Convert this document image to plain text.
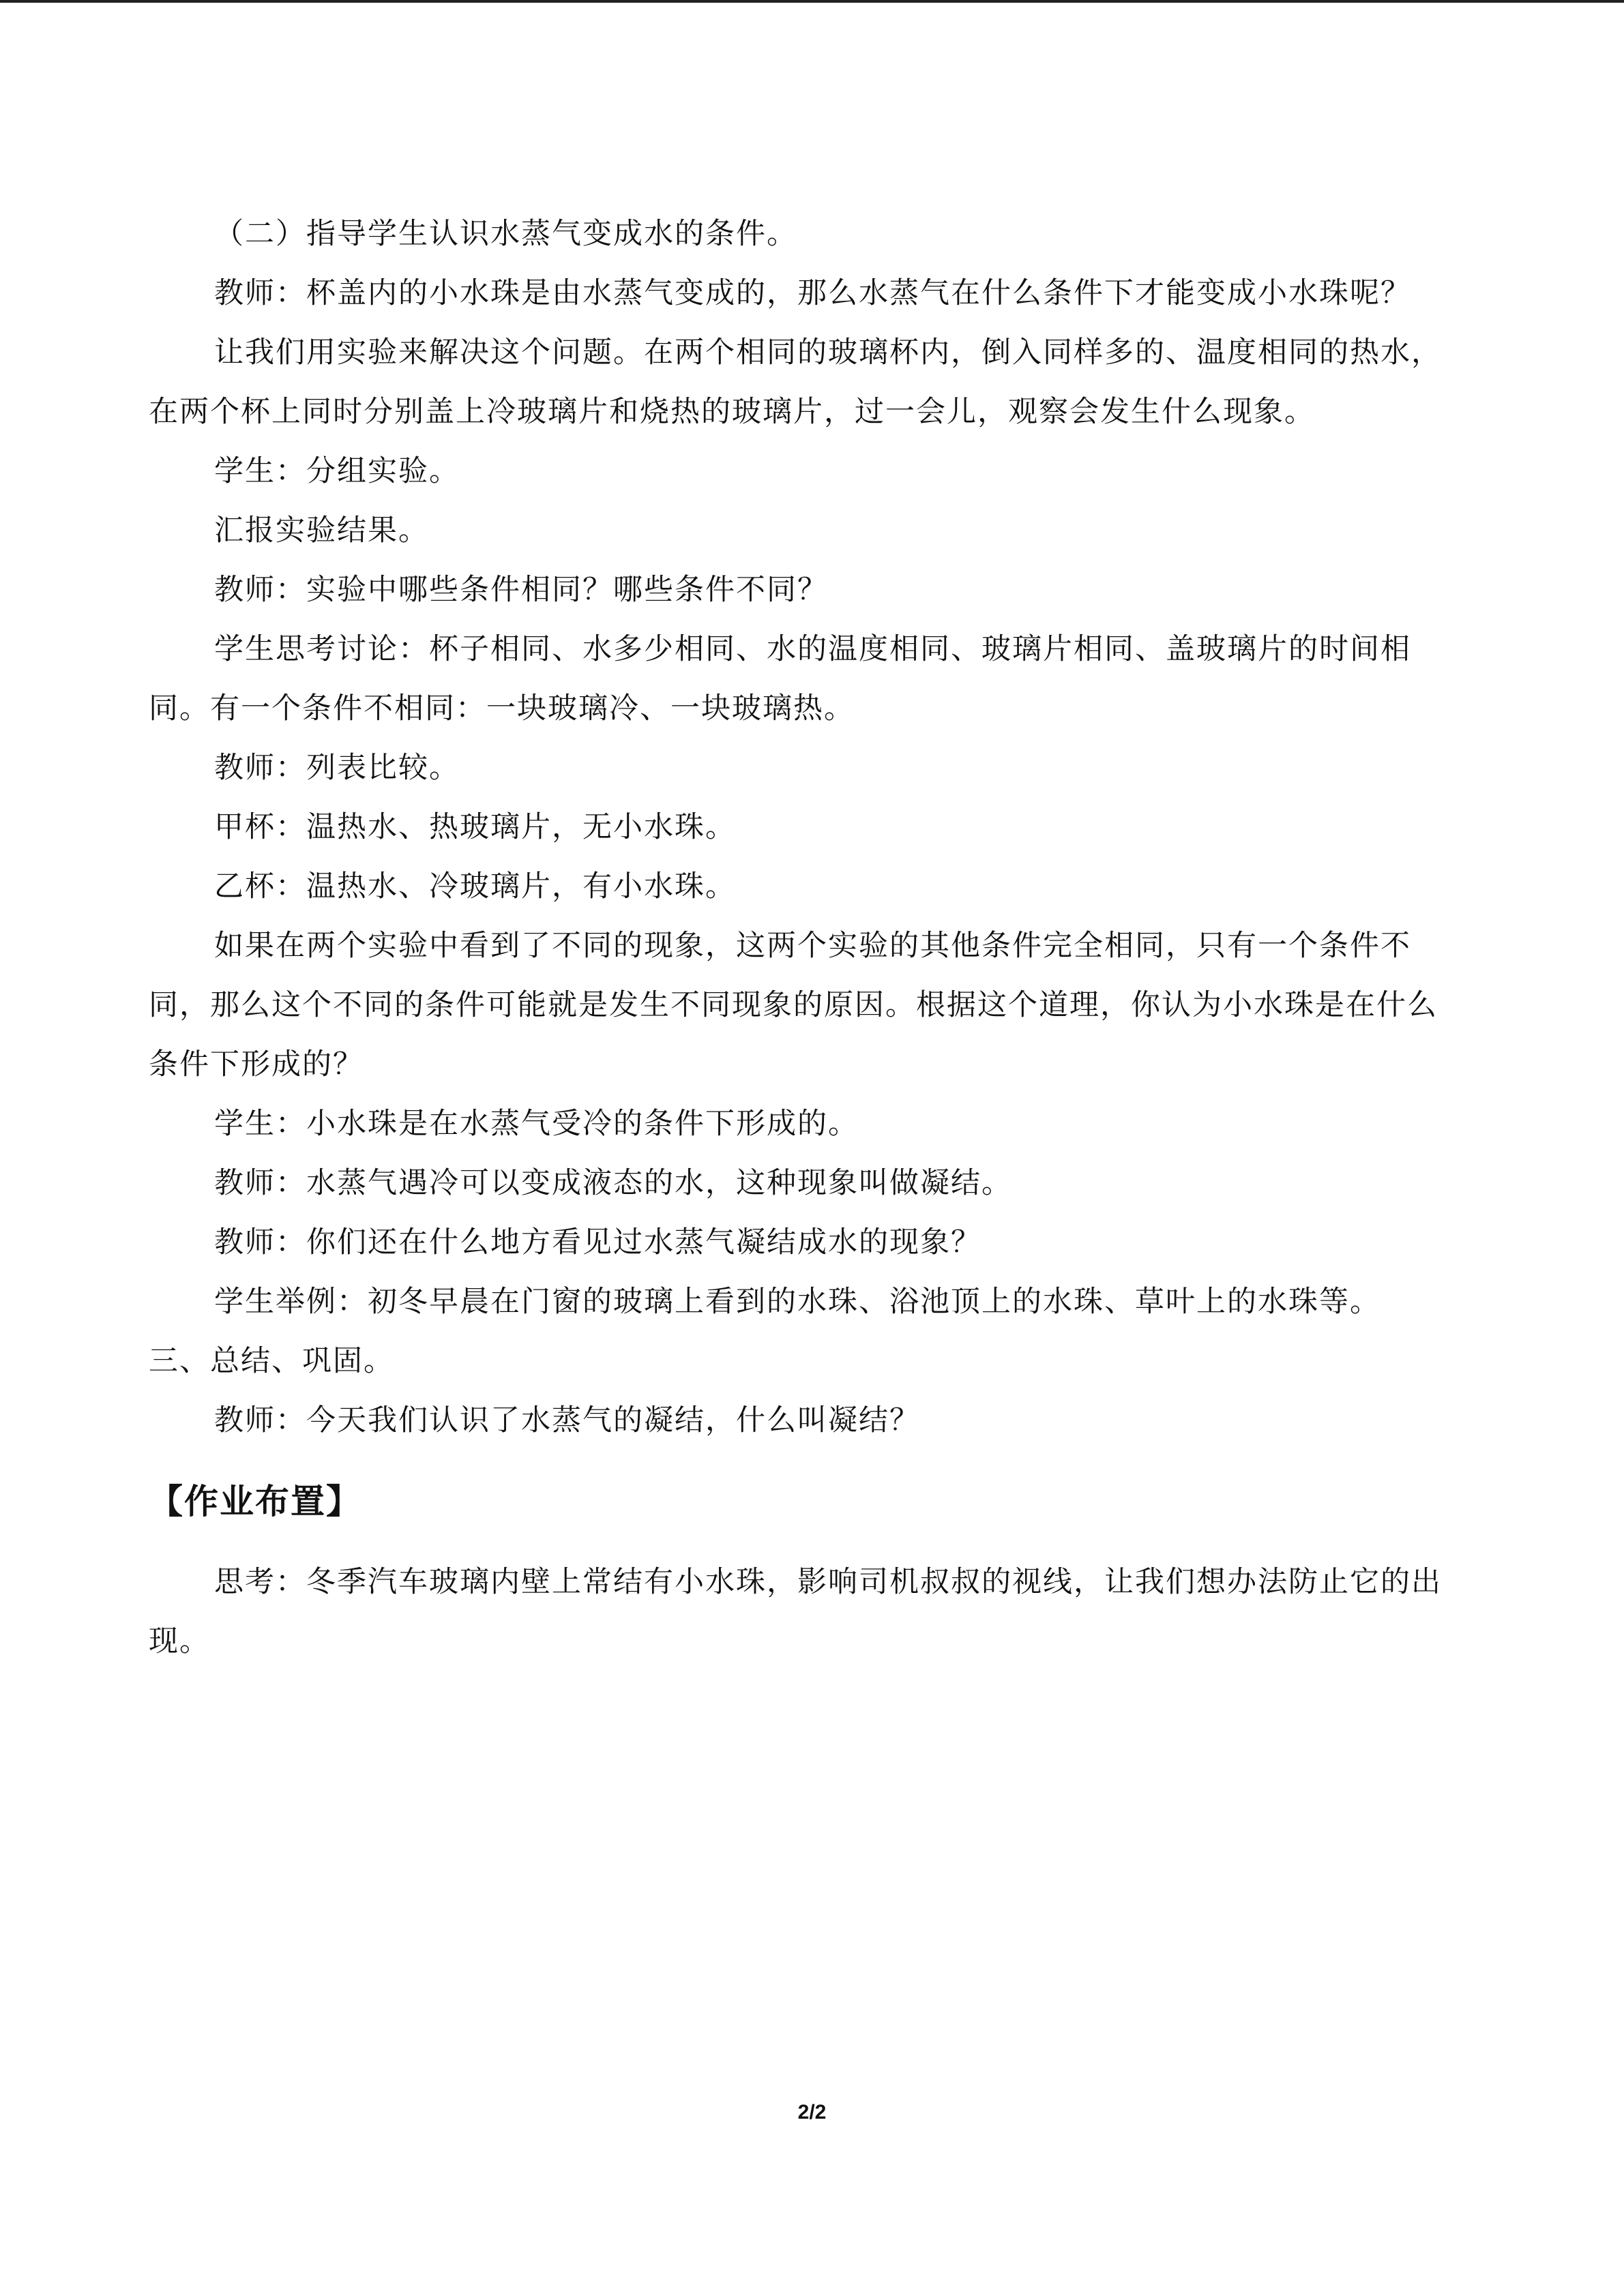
（二）指导学生认识水蒸气变成水的条件。

教师：杯盖内的小水珠是由水蒸气变成的，那么水蒸气在什么条件下才能变成小水珠呢？

让我们用实验来解决这个问题。在两个相同的玻璃杯内，倒入同样多的、温度相同的热水，在两个杯上同时分别盖上冷玻璃片和烧热的玻璃片，过一会儿，观察会发生什么现象。

学生：分组实验。

汇报实验结果。

教师：实验中哪些条件相同？哪些条件不同？

学生思考讨论：杯子相同、水多少相同、水的温度相同、玻璃片相同、盖玻璃片的时间相同。有一个条件不相同：一块玻璃冷、一块玻璃热。

教师：列表比较。

甲杯：温热水、热玻璃片，无小水珠。

乙杯：温热水、冷玻璃片，有小水珠。

如果在两个实验中看到了不同的现象，这两个实验的其他条件完全相同，只有一个条件不同，那么这个不同的条件可能就是发生不同现象的原因。根据这个道理，你认为小水珠是在什么条件下形成的？

学生：小水珠是在水蒸气受冷的条件下形成的。

教师：水蒸气遇冷可以变成液态的水，这种现象叫做凝结。

教师：你们还在什么地方看见过水蒸气凝结成水的现象？

学生举例：初冬早晨在门窗的玻璃上看到的水珠、浴池顶上的水珠、草叶上的水珠等。

三、总结、巩固。

教师：今天我们认识了水蒸气的凝结，什么叫凝结？

【作业布置】

思考：冬季汽车玻璃内壁上常结有小水珠，影响司机叔叔的视线，让我们想办法防止它的出现。

2/2
